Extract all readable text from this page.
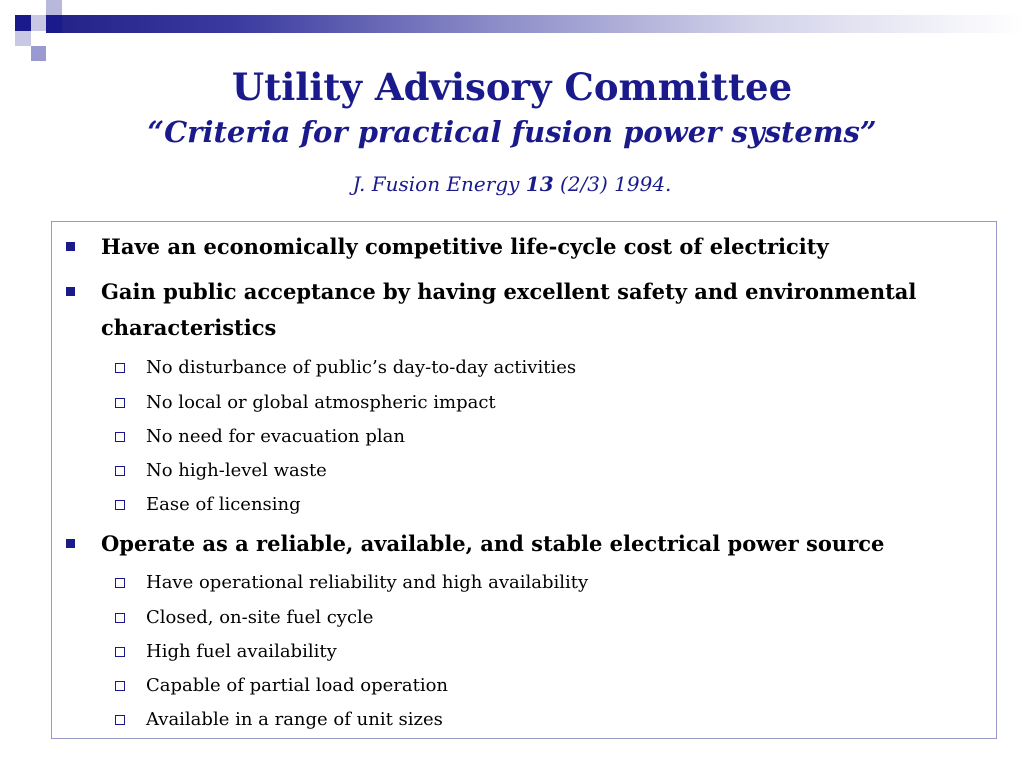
Utility Advisory Committee
“Criteria for practical fusion power systems”
J. Fusion Energy 13 (2/3) 1994.
Have an economically competitive life-cycle cost of electricity
Gain public acceptance by having excellent safety and environmental characteristics
No disturbance of public’s day-to-day activities
No local or global atmospheric impact
No need for evacuation plan
No high-level waste
Ease of licensing
Operate as a reliable, available, and stable electrical power source
Have operational reliability and high availability
Closed, on-site fuel cycle
High fuel availability
Capable of partial load operation
Available in a range of unit sizes
